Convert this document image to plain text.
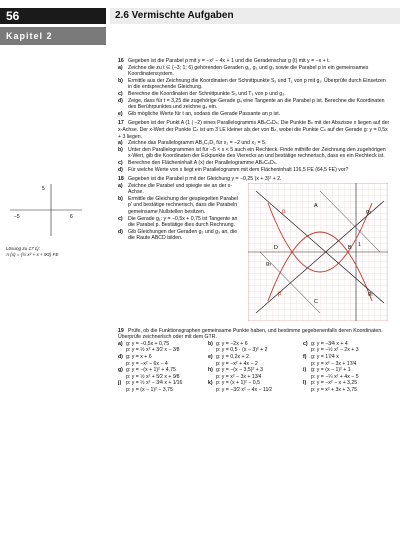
56	2.6 Vermischte Aufgaben
Kapitel 2
5
−5	6
Lösung zu 17 c):
A (x) = (½ x² + x + 9⁄2) FE
16 Gegeben ist die Parabel p mit y = −x² − 4x + 1 und die Geradenschar g (t) mit y = −x + t.
a) Zeichne die zu t ∈ {−3; 1; 6} gehörenden Geraden g₁, g₂ und g₃ sowie die Parabel p in ein gemeinsames Koordinatensystem.
b) Ermittle aus der Zeichnung die Koordinaten der Schnittpunkte S₁ und T₁ von p mit g₁. Überprüfe durch Einsetzen in die entsprechende Gleichung.
c) Berechne die Koordinaten der Schnittpunkte S₃ und T₃ von p und g₃.
d) Zeige, dass für t = 3,25 die zugehörige Gerade g₄ eine Tangente an die Parabel p ist. Berechne die Koordinaten des Berührpunktes und zeichne g₄ ein.
e) Gib mögliche Werte für t an, sodass die Gerade Passante an p ist.
17 Gegeben ist der Punkt A (1 | −2) eines Parallelogramms ABₙCₙDₙ. Die Punkte Bₙ mit der Abszisse x liegen auf der x-Achse. Der x-Wert der Punkte Cₙ ist um 3 LE kleiner als der von Bₙ, wobei die Punkte Cₙ auf der Gerade g: y = 0,5x + 3 liegen.
a) Zeichne das Parallelogramm AB₁C₁D₁ für x₁ = −2 und x₂ = 5.
b) Unter den Parallelogrammen ist für −5 < x < 5 auch ein Rechteck. Finde mithilfe der Zeichnung den zugehörigen x-Wert, gib die Koordinaten der Eckpunkte des Vierecks an und bestätige rechnerisch, dass es ein Rechteck ist.
c) Berechne den Flächeninhalt A (x) der Parallelogramme ABₙCₙDₙ.
d) Für welche Werte von x liegt ein Parallelogramm mit dem Flächeninhalt 116,5 FE (64,5 FE) vor?
18 Gegeben ist die Parabel p mit der Gleichung y = −0,25 (x + 3)² + 2.
a) Zeichne die Parabel und spiegle sie an der x-Achse.
b) Ermittle die Gleichung der gespiegelten Parabel p' und bestätige rechnerisch, dass die Parabeln gemeinsame Nullstellen besitzen.
c) Die Gerade g₁: y = −0,5x + 0,75 ist Tangente an die Parabel p. Bestätige dies durch Rechnung.
d) Gib Gleichungen der Geraden g₂ und g₃ an, die die Raute ABCD bilden.
p
p'	g₁
g₂
g₃
A
B
C
D	1
19 Prüfe, ob die Funktionsgraphen gemeinsame Punkte haben, und bestimme gegebenenfalls deren Koordinaten. Überprüfe zeichnerisch oder mit dem GTR.
a) g: y = −0,5x + 0,75
p: y = ½ x² + 3⁄2 x − 3⁄8
b) g: y = −2x + 6
p: y = 0,5 · (x − 3)² + 2
c) g: y = −3⁄4 x + 4
p: y = −½ x² − 2x + 3
d) g: y = x + 6
p: y = −x² − 6x − 4
e) g: y = 0,2x + 2
p: y = −x² + 4x − 2
f) g: y = 17⁄4 x
p: y = x² − 3x + 17⁄4
g) g: y = −(x + 1)² + 4,75
p: y = ½ x² + 5⁄2 x + 9⁄8
h) g: y = −(x − 3,5)² + 3
p: y = x² − 3x + 13⁄4
i) g: y = (x − 1)² + 1
p: y = −¼ x² + 4x − 5
j) p: y = ½ x² − 3⁄4 x + 1⁄16
p: y = (x − 1)² − 3,75
k) p: y = (x + 1)² − 0,5
p: y = −3⁄2 x² − 4x − 11⁄2
l) p: y = −x² − x + 3,25
p: y = x² + 3x + 3,75
